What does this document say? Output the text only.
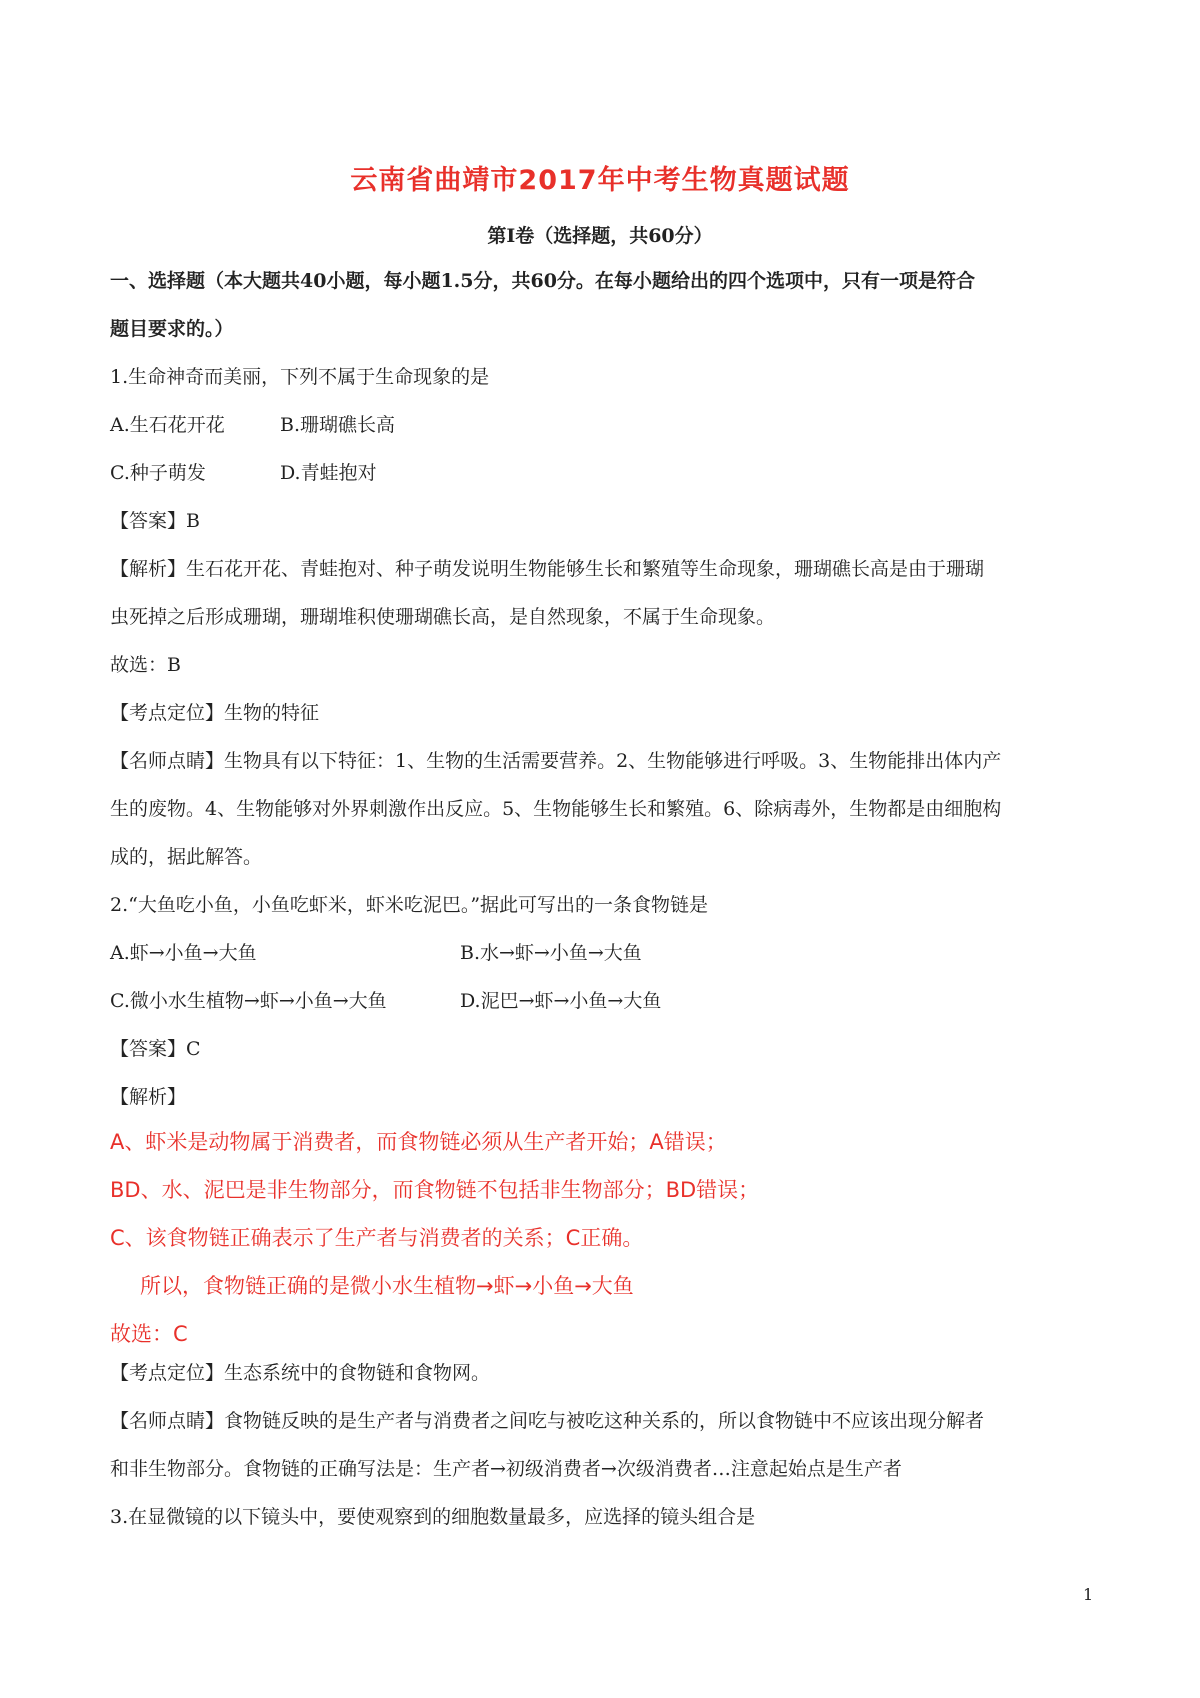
云南省曲靖市2017年中考生物真题试题
第Ⅰ卷（选择题，共60分）
一、选择题（本大题共40小题，每小题1.5分，共60分。在每小题给出的四个选项中，只有一项是符合
题目要求的。）
1.生命神奇而美丽，下列不属于生命现象的是
A.生石花开花	B.珊瑚礁长高
C.种子萌发	D.青蛙抱对
【答案】B
【解析】生石花开花、青蛙抱对、种子萌发说明生物能够生长和繁殖等生命现象，珊瑚礁长高是由于珊瑚
虫死掉之后形成珊瑚，珊瑚堆积使珊瑚礁长高，是自然现象，不属于生命现象。
故选：B
【考点定位】生物的特征
【名师点睛】生物具有以下特征：1、生物的生活需要营养。2、生物能够进行呼吸。3、生物能排出体内产
生的废物。4、生物能够对外界刺激作出反应。5、生物能够生长和繁殖。6、除病毒外，生物都是由细胞构
成的，据此解答。
2.“大鱼吃小鱼，小鱼吃虾米，虾米吃泥巴。”据此可写出的一条食物链是
A.虾→小鱼→大鱼	B.水→虾→小鱼→大鱼
C.微小水生植物→虾→小鱼→大鱼	D.泥巴→虾→小鱼→大鱼
【答案】C
【解析】
A、虾米是动物属于消费者，而食物链必须从生产者开始；A错误；
BD、水、泥巴是非生物部分，而食物链不包括非生物部分；BD错误；
C、该食物链正确表示了生产者与消费者的关系；C正确。
所以，食物链正确的是微小水生植物→虾→小鱼→大鱼
故选：C
【考点定位】生态系统中的食物链和食物网。
【名师点睛】食物链反映的是生产者与消费者之间吃与被吃这种关系的，所以食物链中不应该出现分解者
和非生物部分。食物链的正确写法是：生产者→初级消费者→次级消费者…注意起始点是生产者
3.在显微镜的以下镜头中，要使观察到的细胞数量最多，应选择的镜头组合是
1
